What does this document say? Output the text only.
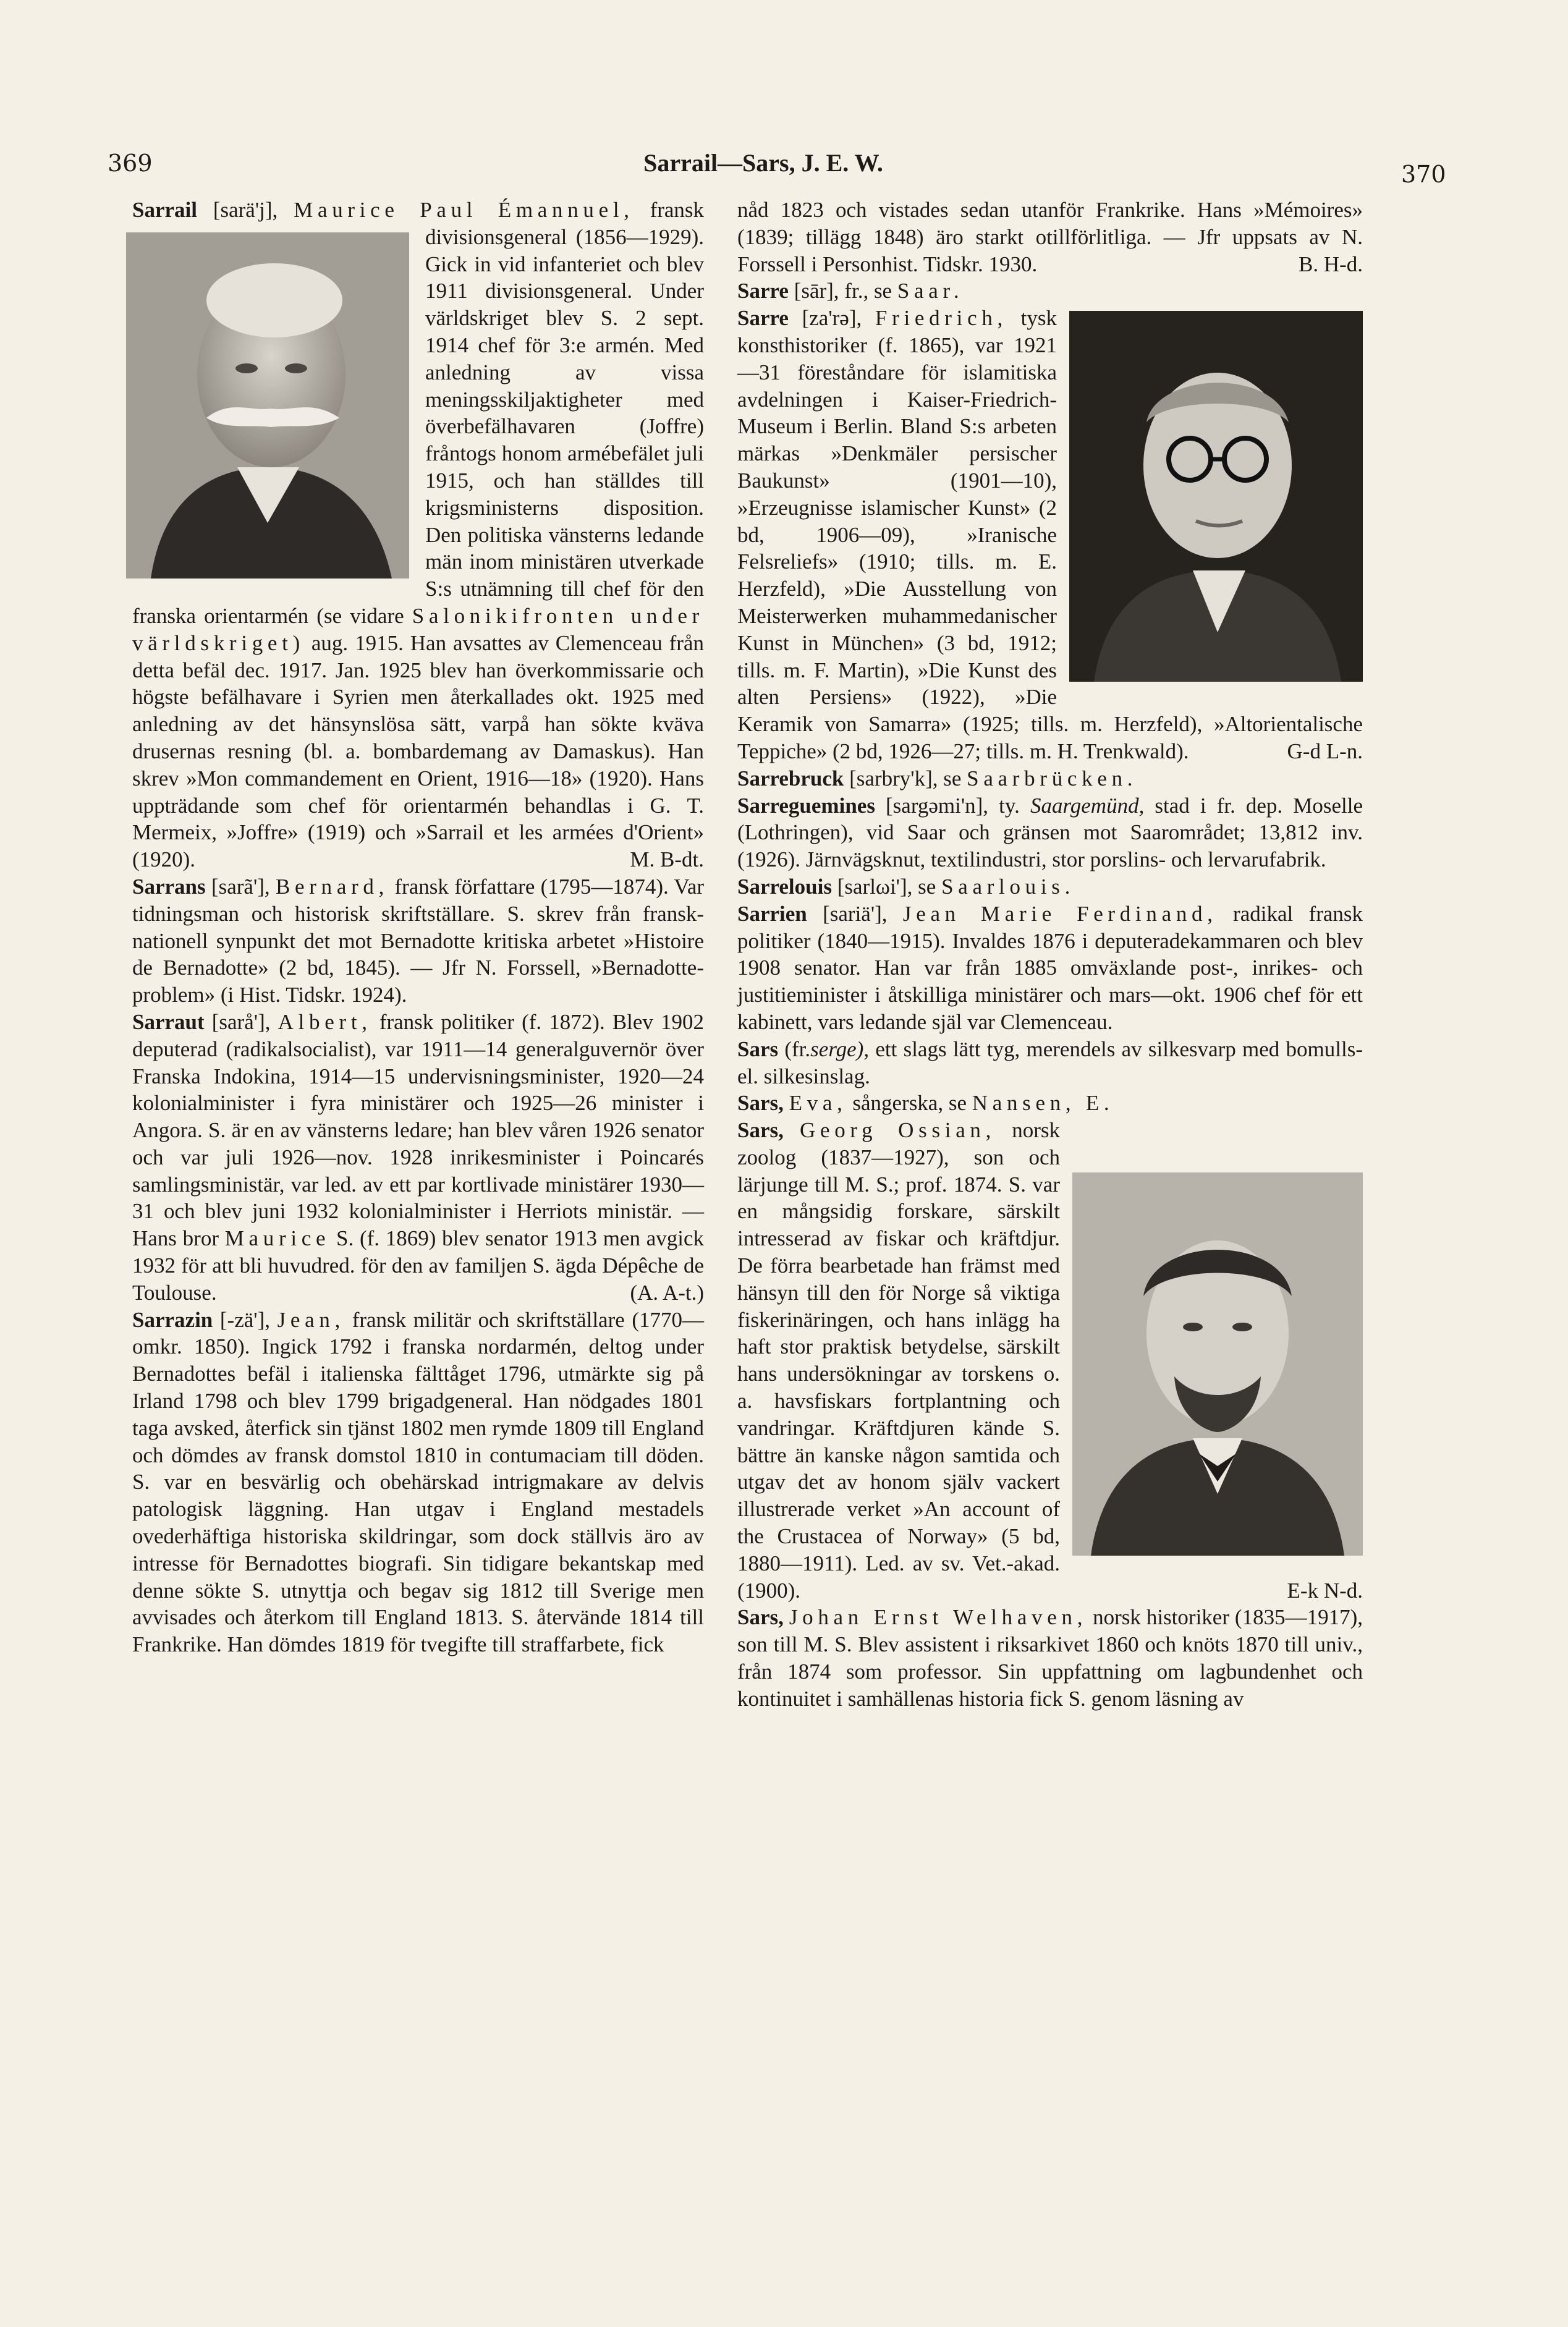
369	Sarrail—Sars, J. E. W.	370

Sarrail [sarä'j], Maurice Paul Émannuel, fransk divisionsgeneral (1856—1929). Gick in vid infanteriet och blev 1911 divisionsgeneral. Under världskriget blev S. 2 sept. 1914 chef för 3:e armén. Med anledning av vissa meningsskiljaktigheter med överbefälhavaren (Joffre) fråntogs honom armébefälet juli 1915, och han ställdes till krigsministerns disposition. Den politiska vänsterns ledande män inom ministären utverkade S:s utnämning till chef för den franska orientarmén (se vidare Salonikifronten under världskriget) aug. 1915. Han avsattes av Clemenceau från detta befäl dec. 1917. Jan. 1925 blev han överkommissarie och högste befälhavare i Syrien men återkallades okt. 1925 med anledning av det hänsynslösa sätt, varpå han sökte kväva drusernas resning (bl. a. bombardemang av Damaskus). Han skrev »Mon commandement en Orient, 1916—18» (1920). Hans uppträdande som chef för orientarmén behandlas i G. T. Mermeix, »Joffre» (1919) och »Sarrail et les armées d'Orient» (1920).	M. B-dt.

Sarrans [sarã'], Bernard, fransk författare (1795—1874). Var tidningsman och historisk skriftställare. S. skrev från fransk-nationell synpunkt det mot Bernadotte kritiska arbetet »Histoire de Bernadotte» (2 bd, 1845). — Jfr N. Forssell, »Bernadotte-problem» (i Hist. Tidskr. 1924).

Sarraut [sarå'], Albert, fransk politiker (f. 1872). Blev 1902 deputerad (radikalsocialist), var 1911—14 generalguvernör över Franska Indokina, 1914—15 undervisningsminister, 1920—24 kolonialminister i fyra ministärer och 1925—26 minister i Angora. S. är en av vänsterns ledare; han blev våren 1926 senator och var juli 1926—nov. 1928 inrikesminister i Poincarés samlingsministär, var led. av ett par kortlivade ministärer 1930—31 och blev juni 1932 kolonialminister i Herriots ministär. — Hans bror Maurice S. (f. 1869) blev senator 1913 men avgick 1932 för att bli huvudred. för den av familjen S. ägda Dépêche de Toulouse.	(A. A-t.)

Sarrazin [-zä'], Jean, fransk militär och skriftställare (1770—omkr. 1850). Ingick 1792 i franska nordarmén, deltog under Bernadottes befäl i italienska fälttåget 1796, utmärkte sig på Irland 1798 och blev 1799 brigadgeneral. Han nödgades 1801 taga avsked, återfick sin tjänst 1802 men rymde 1809 till England och dömdes av fransk domstol 1810 in contumaciam till döden. S. var en besvärlig och obehärskad intrigmakare av delvis patologisk läggning. Han utgav i England mestadels ovederhäftiga historiska skildringar, som dock ställvis äro av intresse för Bernadottes biografi. Sin tidigare bekantskap med denne sökte S. utnyttja och begav sig 1812 till Sverige men avvisades och återkom till England 1813. S. återvände 1814 till Frankrike. Han dömdes 1819 för tvegifte till straffarbete, fick

nåd 1823 och vistades sedan utanför Frankrike. Hans »Mémoires» (1839; tillägg 1848) äro starkt otillförlitliga. — Jfr uppsats av N. Forssell i Personhist. Tidskr. 1930.	B. H-d.

Sarre [sār], fr., se Saar.

Sarre [za'rə], Friedrich, tysk konsthistoriker (f. 1865), var 1921—31 föreståndare för islamitiska avdelningen i Kaiser-Friedrich-Museum i Berlin. Bland S:s arbeten märkas »Denkmäler persischer Baukunst» (1901—10), »Erzeugnisse islamischer Kunst» (2 bd, 1906—09), »Iranische Felsreliefs» (1910; tills. m. E. Herzfeld), »Die Ausstellung von Meisterwerken muhammedanischer Kunst in München» (3 bd, 1912; tills. m. F. Martin), »Die Kunst des alten Persiens» (1922), »Die Keramik von Samarra» (1925; tills. m. Herzfeld), »Altorientalische Teppiche» (2 bd, 1926—27; tills. m. H. Trenkwald).	G-d L-n.

Sarrebruck [sarbry'k], se Saarbrücken.

Sarreguemines [sargəmi'n], ty. Saargemünd, stad i fr. dep. Moselle (Lothringen), vid Saar och gränsen mot Saarområdet; 13,812 inv. (1926). Järnvägsknut, textilindustri, stor porslins- och lervarufabrik.

Sarrelouis [sarlωi'], se Saarlouis.

Sarrien [sariä'], Jean Marie Ferdinand, radikal fransk politiker (1840—1915). Invaldes 1876 i deputeradekammaren och blev 1908 senator. Han var från 1885 omväxlande post-, inrikes- och justitieminister i åtskilliga ministärer och mars—okt. 1906 chef för ett kabinett, vars ledande själ var Clemenceau.

Sars (fr.serge), ett slags lätt tyg, merendels av silkesvarp med bomulls- el. silkesinslag.

Sars, Eva, sångerska, se Nansen, E.

Sars, Georg Ossian, norsk zoolog (1837—1927), son och lärjunge till M. S.; prof. 1874. S. var en mångsidig forskare, särskilt intresserad av fiskar och kräftdjur. De förra bearbetade han främst med hänsyn till den för Norge så viktiga fiskerinäringen, och hans inlägg ha haft stor praktisk betydelse, särskilt hans undersökningar av torskens o. a. havsfiskars fortplantning och vandringar. Kräftdjuren kände S. bättre än kanske någon samtida och utgav det av honom själv vackert illustrerade verket »An account of the Crustacea of Norway» (5 bd, 1880—1911). Led. av sv. Vet.-akad. (1900).	E-k N-d.

Sars, Johan Ernst Welhaven, norsk historiker (1835—1917), son till M. S. Blev assistent i riksarkivet 1860 och knöts 1870 till univ., från 1874 som professor. Sin uppfattning om lagbundenhet och kontinuitet i samhällenas historia fick S. genom läsning av
